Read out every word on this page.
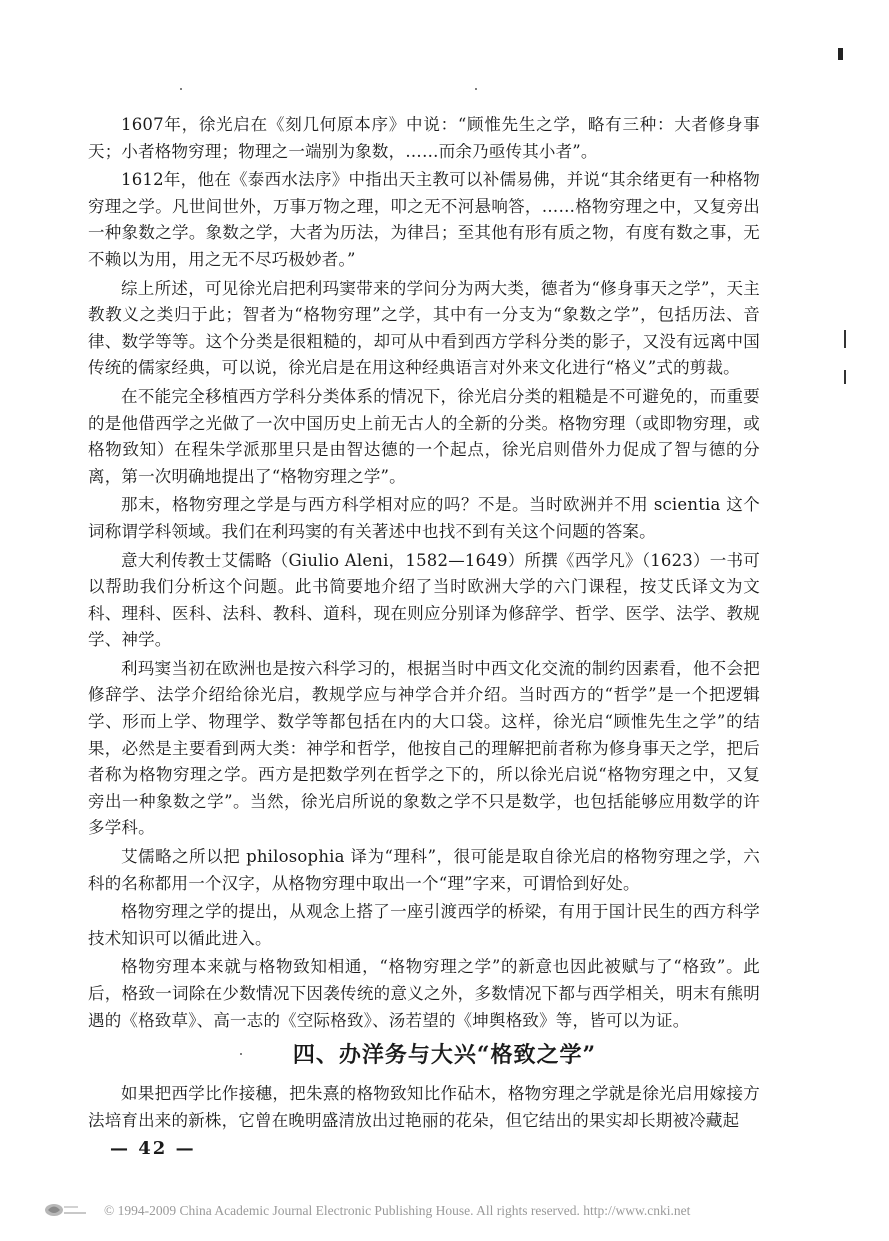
1607年，徐光启在《刻几何原本序》中说：“顾惟先生之学，略有三种：大者修身事天；小者格物穷理；物理之一端别为象数，……而余乃亟传其小者”。

1612年，他在《泰西水法序》中指出天主教可以补儒易佛，并说“其余绪更有一种格物穷理之学。凡世间世外，万事万物之理，叩之无不河悬响答，……格物穷理之中，又复旁出一种象数之学。象数之学，大者为历法，为律吕；至其他有形有质之物，有度有数之事，无不赖以为用，用之无不尽巧极妙者。”

综上所述，可见徐光启把利玛窦带来的学问分为两大类，德者为“修身事天之学”，天主教教义之类归于此；智者为“格物穷理”之学，其中有一分支为“象数之学”，包括历法、音律、数学等等。这个分类是很粗糙的，却可从中看到西方学科分类的影子，又没有远离中国传统的儒家经典，可以说，徐光启是在用这种经典语言对外来文化进行“格义”式的剪裁。

在不能完全移植西方学科分类体系的情况下，徐光启分类的粗糙是不可避免的，而重要的是他借西学之光做了一次中国历史上前无古人的全新的分类。格物穷理（或即物穷理，或格物致知）在程朱学派那里只是由智达德的一个起点，徐光启则借外力促成了智与德的分离，第一次明确地提出了“格物穷理之学”。

那末，格物穷理之学是与西方科学相对应的吗？不是。当时欧洲并不用 scientia 这个词称谓学科领域。我们在利玛窦的有关著述中也找不到有关这个问题的答案。

意大利传教士艾儒略（Giulio Aleni，1582—1649）所撰《西学凡》（1623）一书可以帮助我们分析这个问题。此书简要地介绍了当时欧洲大学的六门课程，按艾氏译文为文科、理科、医科、法科、教科、道科，现在则应分别译为修辞学、哲学、医学、法学、教规学、神学。

利玛窦当初在欧洲也是按六科学习的，根据当时中西文化交流的制约因素看，他不会把修辞学、法学介绍给徐光启，教规学应与神学合并介绍。当时西方的“哲学”是一个把逻辑学、形而上学、物理学、数学等都包括在内的大口袋。这样，徐光启“顾惟先生之学”的结果，必然是主要看到两大类：神学和哲学，他按自己的理解把前者称为修身事天之学，把后者称为格物穷理之学。西方是把数学列在哲学之下的，所以徐光启说“格物穷理之中，又复旁出一种象数之学”。当然，徐光启所说的象数之学不只是数学，也包括能够应用数学的许多学科。

艾儒略之所以把 philosophia 译为“理科”，很可能是取自徐光启的格物穷理之学，六科的名称都用一个汉字，从格物穷理中取出一个“理”字来，可谓恰到好处。

格物穷理之学的提出，从观念上搭了一座引渡西学的桥梁，有用于国计民生的西方科学技术知识可以循此进入。

格物穷理本来就与格物致知相通，“格物穷理之学”的新意也因此被赋与了“格致”。此后，格致一词除在少数情况下因袭传统的意义之外，多数情况下都与西学相关，明末有熊明遇的《格致草》、高一志的《空际格致》、汤若望的《坤舆格致》等，皆可以为证。

四、办洋务与大兴“格致之学”

如果把西学比作接穗，把朱熹的格物致知比作砧木，格物穷理之学就是徐光启用嫁接方法培育出来的新株，它曾在晚明盛清放出过艳丽的花朵，但它结出的果实却长期被冷藏起

— 42 —
© 1994-2009 China Academic Journal Electronic Publishing House. All rights reserved. http://www.cnki.net
